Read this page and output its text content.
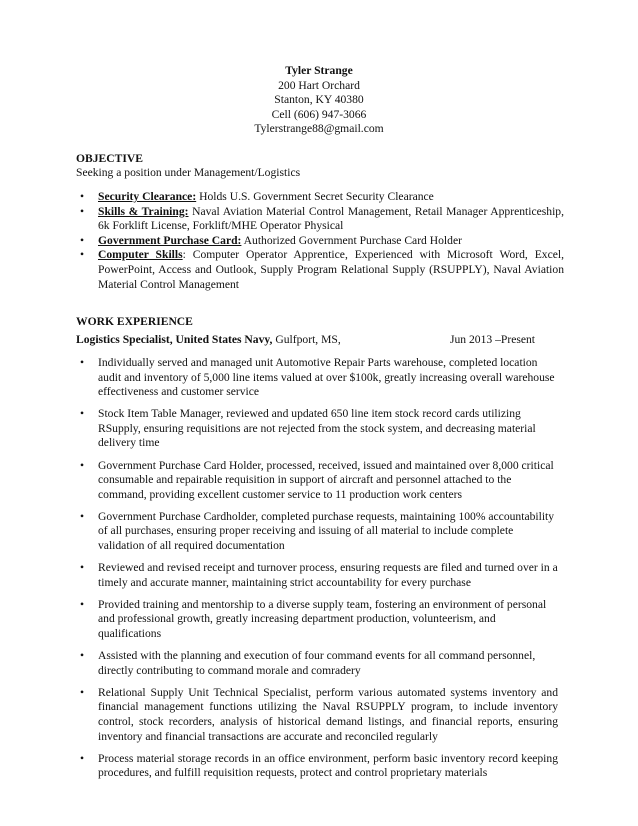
Tyler Strange
200 Hart Orchard
Stanton, KY 40380
Cell (606) 947-3066
Tylerstrange88@gmail.com
OBJECTIVE
Seeking a position under Management/Logistics
• Security Clearance: Holds U.S. Government Secret Security Clearance
• Skills & Training: Naval Aviation Material Control Management, Retail Manager Apprenticeship, 6k Forklift License, Forklift/MHE Operator Physical
• Government Purchase Card: Authorized Government Purchase Card Holder
• Computer Skills: Computer Operator Apprentice, Experienced with Microsoft Word, Excel, PowerPoint, Access and Outlook, Supply Program Relational Supply (RSUPPLY), Naval Aviation Material Control Management
WORK EXPERIENCE
Logistics Specialist, United States Navy, Gulfport, MS,	Jun 2013 –Present
• Individually served and managed unit Automotive Repair Parts warehouse, completed location audit and inventory of 5,000 line items valued at over $100k, greatly increasing overall warehouse effectiveness and customer service
• Stock Item Table Manager, reviewed and updated 650 line item stock record cards utilizing RSupply, ensuring requisitions are not rejected from the stock system, and decreasing material delivery time
• Government Purchase Card Holder, processed, received, issued and maintained over 8,000 critical consumable and repairable requisition in support of aircraft and personnel attached to the command, providing excellent customer service to 11 production work centers
• Government Purchase Cardholder, completed purchase requests, maintaining 100% accountability of all purchases, ensuring proper receiving and issuing of all material to include complete validation of all required documentation
• Reviewed and revised receipt and turnover process, ensuring requests are filed and turned over in a timely and accurate manner, maintaining strict accountability for every purchase
• Provided training and mentorship to a diverse supply team, fostering an environment of personal and professional growth, greatly increasing department production, volunteerism, and qualifications
• Assisted with the planning and execution of four command events for all command personnel, directly contributing to command morale and comradery
• Relational Supply Unit Technical Specialist, perform various automated systems inventory and financial management functions utilizing the Naval RSUPPLY program, to include inventory control, stock recorders, analysis of historical demand listings, and financial reports, ensuring inventory and financial transactions are accurate and reconciled regularly
• Process material storage records in an office environment, perform basic inventory record keeping procedures, and fulfill requisition requests, protect and control proprietary materials
